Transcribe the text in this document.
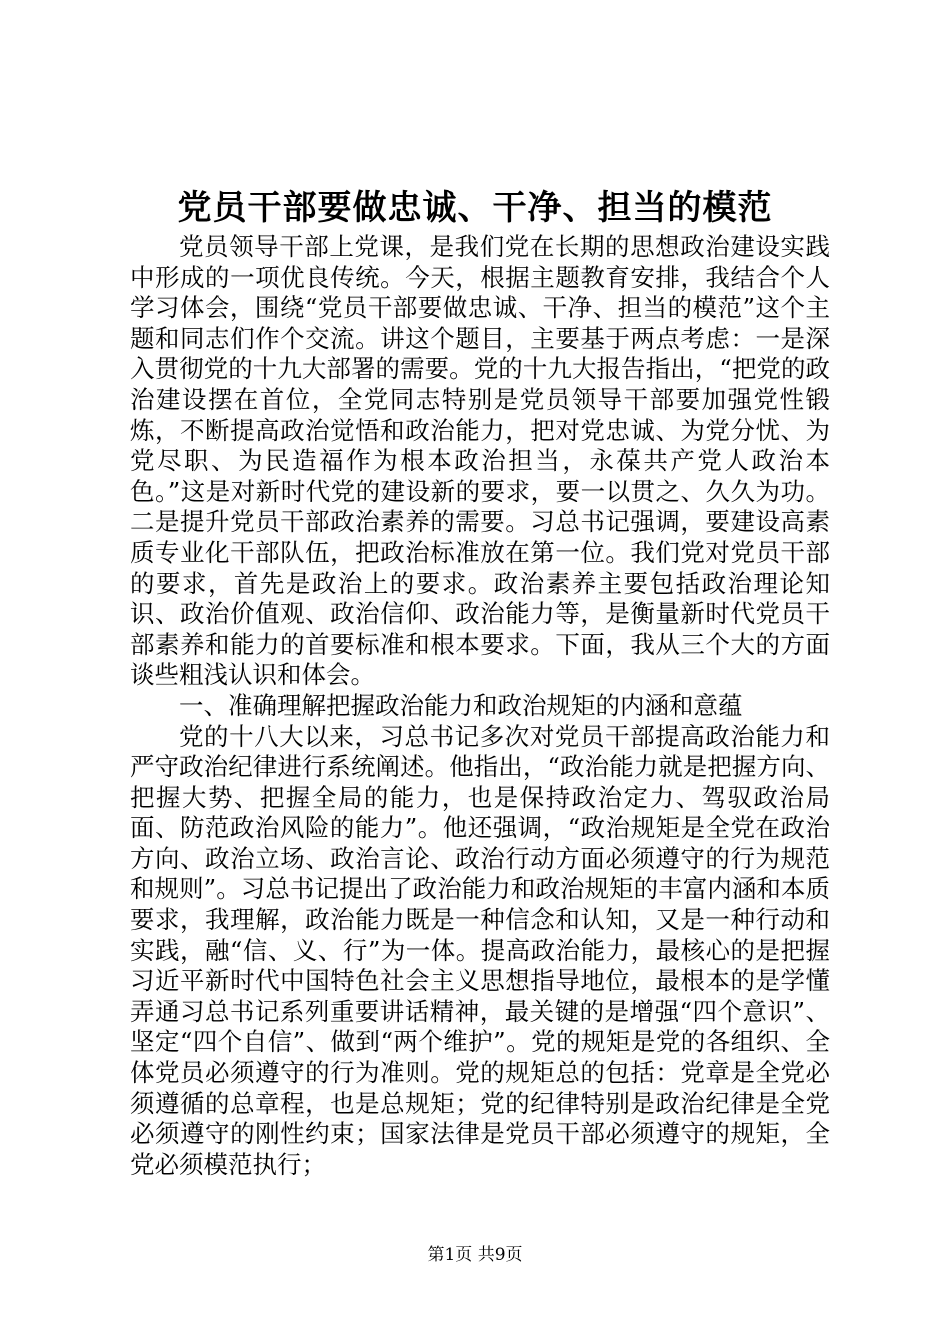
党员干部要做忠诚、干净、担当的模范

党员领导干部上党课，是我们党在长期的思想政治建设实践中形成的一项优良传统。今天，根据主题教育安排，我结合个人学习体会，围绕“党员干部要做忠诚、干净、担当的模范”这个主题和同志们作个交流。讲这个题目，主要基于两点考虑：一是深入贯彻党的十九大部署的需要。党的十九大报告指出，“把党的政治建设摆在首位，全党同志特别是党员领导干部要加强党性锻炼，不断提高政治觉悟和政治能力，把对党忠诚、为党分忧、为党尽职、为民造福作为根本政治担当，永葆共产党人政治本色。”这是对新时代党的建设新的要求，要一以贯之、久久为功。二是提升党员干部政治素养的需要。习总书记强调，要建设高素质专业化干部队伍，把政治标准放在第一位。我们党对党员干部的要求，首先是政治上的要求。政治素养主要包括政治理论知识、政治价值观、政治信仰、政治能力等，是衡量新时代党员干部素养和能力的首要标准和根本要求。下面，我从三个大的方面谈些粗浅认识和体会。

一、准确理解把握政治能力和政治规矩的内涵和意蕴

党的十八大以来，习总书记多次对党员干部提高政治能力和严守政治纪律进行系统阐述。他指出，“政治能力就是把握方向、把握大势、把握全局的能力，也是保持政治定力、驾驭政治局面、防范政治风险的能力”。他还强调，“政治规矩是全党在政治方向、政治立场、政治言论、政治行动方面必须遵守的行为规范和规则”。习总书记提出了政治能力和政治规矩的丰富内涵和本质要求，我理解，政治能力既是一种信念和认知，又是一种行动和实践，融“信、义、行”为一体。提高政治能力，最核心的是把握习近平新时代中国特色社会主义思想指导地位，最根本的是学懂弄通习总书记系列重要讲话精神，最关键的是增强“四个意识”、坚定“四个自信”、做到“两个维护”。党的规矩是党的各组织、全体党员必须遵守的行为准则。党的规矩总的包括：党章是全党必须遵循的总章程，也是总规矩；党的纪律特别是政治纪律是全党必须遵守的刚性约束；国家法律是党员干部必须遵守的规矩，全党必须模范执行；

第1页 共9页
